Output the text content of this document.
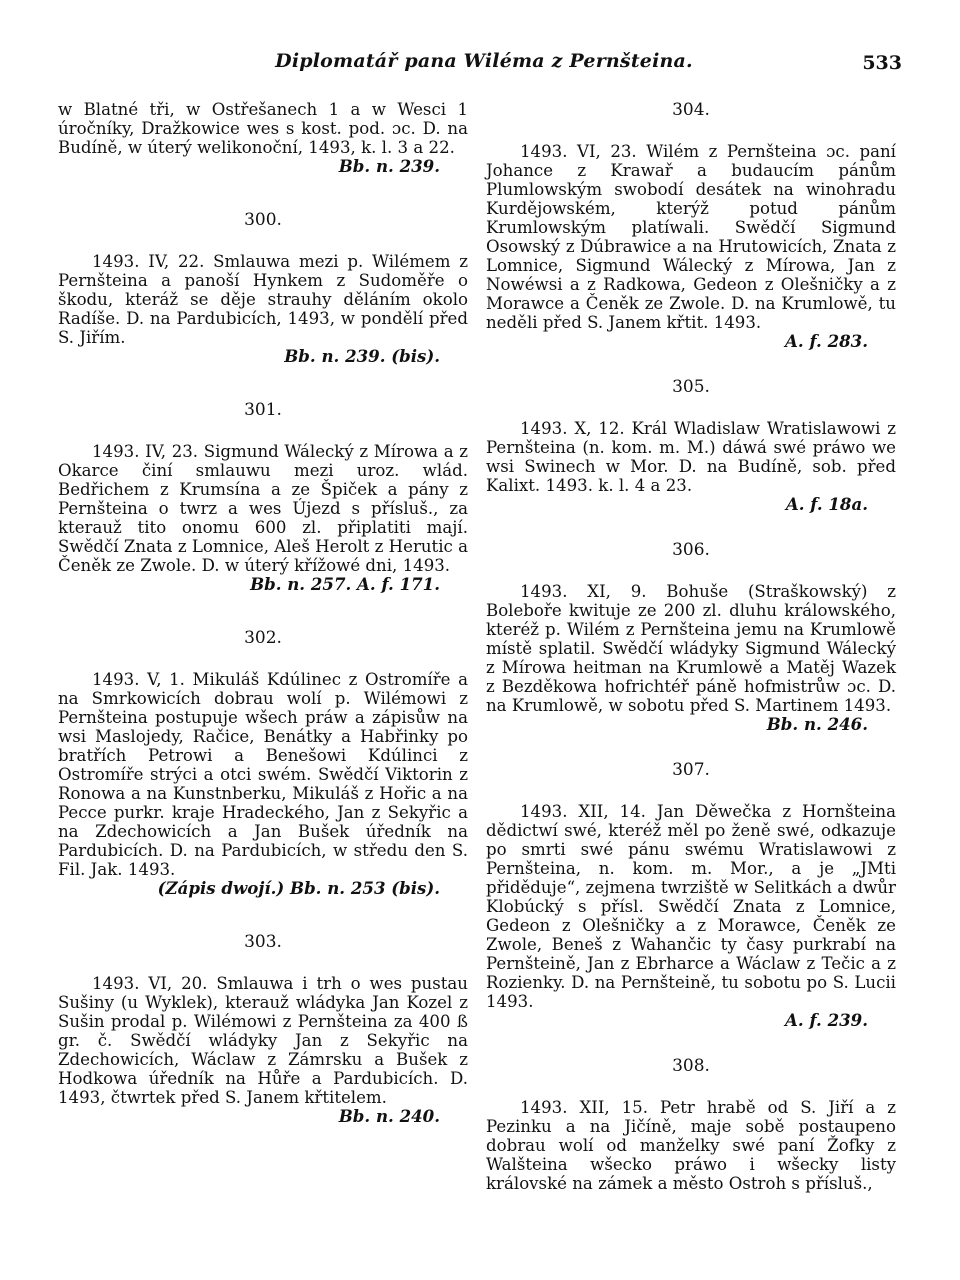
Diplomatář pana Wiléma z Pernšteina.	533

w Blatné tři, w Ostřešanech 1 a w Wesci 1 úročníky, Dražkowice wes s kost. pod. ɔc. D. na Budíně, w úterý welikonoční, 1493, k. l. 3 a 22.
Bb. n. 239.

300.

1493. IV, 22. Smlauwa mezi p. Wilémem z Pernšteina a panoší Hynkem z Sudoměře o škodu, kteráž se děje strauhy děláním okolo Radíše. D. na Pardubicích, 1493, w pondělí před S. Jiřím.
Bb. n. 239. (bis).

301.

1493. IV, 23. Sigmund Wálecký z Mírowa a z Okarce činí smlauwu mezi uroz. wlád. Bedřichem z Krumsína a ze Špiček a pány z Pernšteina o twrz a wes Újezd s přísluš., za kterauž tito onomu 600 zl. připlatiti mají. Swědčí Znata z Lomnice, Aleš Herolt z Herutic a Čeněk ze Zwole. D. w úterý křížowé dni, 1493.
Bb. n. 257. A. f. 171.

302.

1493. V, 1. Mikuláš Kdúlinec z Ostromíře a na Smrkowicích dobrau wolí p. Wilémowi z Pernšteina postupuje wšech práw a zápisůw na wsi Maslojedy, Račice, Benátky a Habřinky po bratřích Petrowi a Benešowi Kdúlinci z Ostromíře strýci a otci swém. Swědčí Viktorin z Ronowa a na Kunstnberku, Mikuláš z Hořic a na Pecce purkr. kraje Hradeckého, Jan z Sekyřic a na Zdechowicích a Jan Bušek úředník na Pardubicích. D. na Pardubicích, w středu den S. Fil. Jak. 1493.
(Zápis dwojí.) Bb. n. 253 (bis).

303.

1493. VI, 20. Smlauwa i trh o wes pustau Sušiny (u Wyklek), kterauž wládyka Jan Kozel z Sušin prodal p. Wilémowi z Pernšteina za 400 ß gr. č. Swědčí wládyky Jan z Sekyřic na Zdechowicích, Wáclaw z Zámrsku a Bušek z Hodkowa úředník na Hůře a Pardubicích. D. 1493, čtwrtek před S. Janem křtitelem.
Bb. n. 240.

304.

1493. VI, 23. Wilém z Pernšteina ɔc. paní Johance z Krawař a budaucím pánům Plumlowským swobodí desátek na winohradu Kurdějowském, kterýž potud pánům Krumlowským platíwali. Swědčí Sigmund Osowský z Dúbrawice a na Hrutowicích, Znata z Lomnice, Sigmund Wálecký z Mírowa, Jan z Nowéwsi a z Radkowa, Gedeon z Olešničky a z Morawce a Čeněk ze Zwole. D. na Krumlowě, tu neděli před S. Janem křtit. 1493.
A. f. 283.

305.

1493. X, 12. Král Wladislaw Wratislawowi z Pernšteina (n. kom. m. M.) dáwá swé práwo we wsi Swinech w Mor. D. na Budíně, sob. před Kalixt. 1493. k. l. 4 a 23.
A. f. 18a.

306.

1493. XI, 9. Bohuše (Straškowský) z Boleboře kwituje ze 200 zl. dluhu králowského, kteréž p. Wilém z Pernšteina jemu na Krumlowě místě splatil. Swědčí wládyky Sigmund Wálecký z Mírowa heitman na Krumlowě a Matěj Wazek z Bezděkowa hofrichtéř páně hofmistrůw ɔc. D. na Krumlowě, w sobotu před S. Martinem 1493.
Bb. n. 246.

307.

1493. XII, 14. Jan Děwečka z Hornšteina dědictwí swé, kteréž měl po ženě swé, odkazuje po smrti swé pánu swému Wratislawowi z Pernšteina, n. kom. m. Mor., a je „JMti přiděduje“, zejmena twrziště w Selitkách a dwůr Klobúcký s přísl. Swědčí Znata z Lomnice, Gedeon z Olešničky a z Morawce, Čeněk ze Zwole, Beneš z Wahančic ty časy purkrabí na Pernšteině, Jan z Ebrharce a Wáclaw z Tečic a z Rozienky. D. na Pernšteině, tu sobotu po S. Lucii 1493.
A. f. 239.

308.

1493. XII, 15. Petr hrabě od S. Jiří a z Pezinku a na Jičíně, maje sobě postaupeno dobrau wolí od manželky swé paní Žofky z Walšteina wšecko práwo i wšecky listy královské na zámek a město Ostroh s přísluš.,
